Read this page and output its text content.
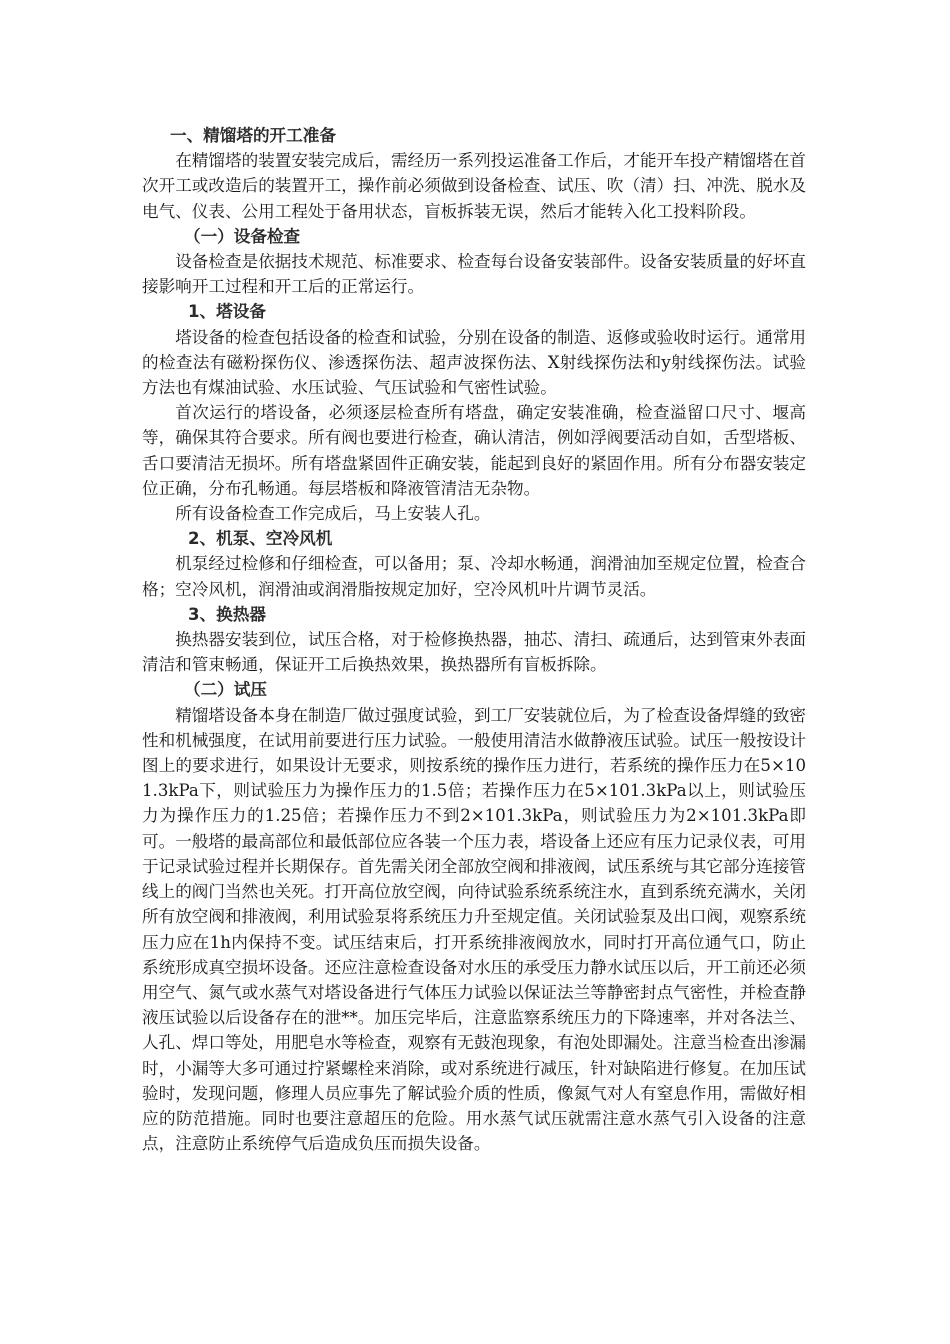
一、精馏塔的开工准备

在精馏塔的装置安装完成后，需经历一系列投运准备工作后，才能开车投产精馏塔在首次开工或改造后的装置开工，操作前必须做到设备检查、试压、吹（清）扫、冲洗、脱水及电气、仪表、公用工程处于备用状态，盲板拆装无误，然后才能转入化工投料阶段。

（一）设备检查

设备检查是依据技术规范、标准要求、检查每台设备安装部件。设备安装质量的好坏直接影响开工过程和开工后的正常运行。

1、塔设备

塔设备的检查包括设备的检查和试验，分别在设备的制造、返修或验收时运行。通常用的检查法有磁粉探伤仪、渗透探伤法、超声波探伤法、X射线探伤法和y射线探伤法。试验方法也有煤油试验、水压试验、气压试验和气密性试验。

首次运行的塔设备，必须逐层检查所有塔盘，确定安装准确，检查溢留口尺寸、堰高等，确保其符合要求。所有阀也要进行检查，确认清洁，例如浮阀要活动自如，舌型塔板、舌口要清洁无损坏。所有塔盘紧固件正确安装，能起到良好的紧固作用。所有分布器安装定位正确，分布孔畅通。每层塔板和降液管清洁无杂物。

所有设备检查工作完成后，马上安装人孔。

2、机泵、空冷风机

机泵经过检修和仔细检查，可以备用；泵、冷却水畅通，润滑油加至规定位置，检查合格；空冷风机，润滑油或润滑脂按规定加好，空冷风机叶片调节灵活。

3、换热器

换热器安装到位，试压合格，对于检修换热器，抽芯、清扫、疏通后，达到管束外表面清洁和管束畅通，保证开工后换热效果，换热器所有盲板拆除。

（二）试压

精馏塔设备本身在制造厂做过强度试验，到工厂安装就位后，为了检查设备焊缝的致密性和机械强度，在试用前要进行压力试验。一般使用清洁水做静液压试验。试压一般按设计图上的要求进行，如果设计无要求，则按系统的操作压力进行，若系统的操作压力在5×101.3kPa下，则试验压力为操作压力的1.5倍；若操作压力在5×101.3kPa以上，则试验压力为操作压力的1.25倍；若操作压力不到2×101.3kPa，则试验压力为2×101.3kPa即可。一般塔的最高部位和最低部位应各装一个压力表，塔设备上还应有压力记录仪表，可用于记录试验过程并长期保存。首先需关闭全部放空阀和排液阀，试压系统与其它部分连接管线上的阀门当然也关死。打开高位放空阀，向待试验系统系统注水，直到系统充满水，关闭所有放空阀和排液阀，利用试验泵将系统压力升至规定值。关闭试验泵及出口阀，观察系统压力应在1h内保持不变。试压结束后，打开系统排液阀放水，同时打开高位通气口，防止系统形成真空损坏设备。还应注意检查设备对水压的承受压力静水试压以后，开工前还必须用空气、氮气或水蒸气对塔设备进行气体压力试验以保证法兰等静密封点气密性，并检查静液压试验以后设备存在的泄**。加压完毕后，注意监察系统压力的下降速率，并对各法兰、人孔、焊口等处，用肥皂水等检查，观察有无鼓泡现象，有泡处即漏处。注意当检查出渗漏时，小漏等大多可通过拧紧螺栓来消除，或对系统进行减压，针对缺陷进行修复。在加压试验时，发现问题，修理人员应事先了解试验介质的性质，像氮气对人有窒息作用，需做好相应的防范措施。同时也要注意超压的危险。用水蒸气试压就需注意水蒸气引入设备的注意点，注意防止系统停气后造成负压而损失设备。
